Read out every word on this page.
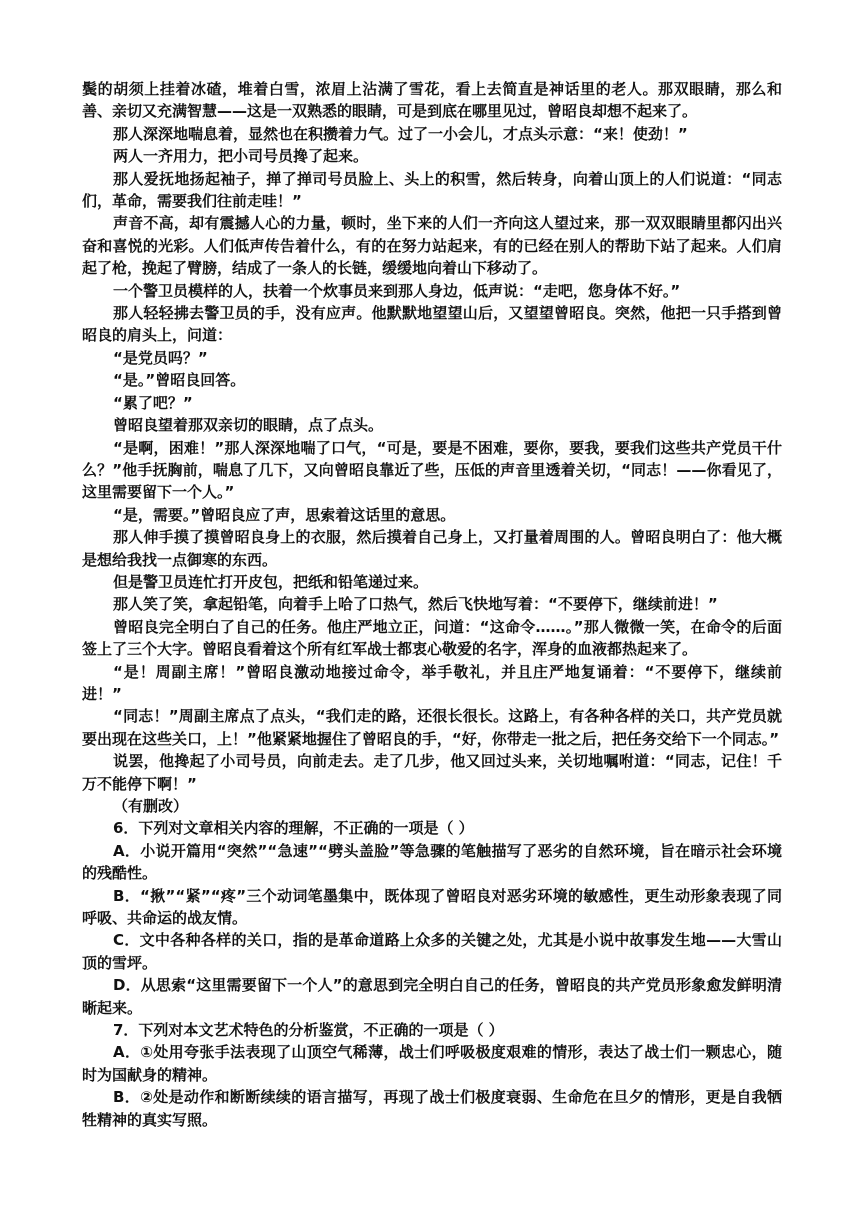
鬓的胡须上挂着冰碴，堆着白雪，浓眉上沾满了雪花，看上去简直是神话里的老人。那双眼睛，那么和善、亲切又充满智慧——这是一双熟悉的眼睛，可是到底在哪里见过，曾昭良却想不起来了。

那人深深地喘息着，显然也在积攒着力气。过了一小会儿，才点头示意：“来！使劲！”

两人一齐用力，把小司号员搀了起来。

那人爱抚地扬起袖子，掸了掸司号员脸上、头上的积雪，然后转身，向着山顶上的人们说道：“同志们，革命，需要我们往前走哇！”

声音不高，却有震撼人心的力量，顿时，坐下来的人们一齐向这人望过来，那一双双眼睛里都闪出兴奋和喜悦的光彩。人们低声传告着什么，有的在努力站起来，有的已经在别人的帮助下站了起来。人们肩起了枪，挽起了臂膀，结成了一条人的长链，缓缓地向着山下移动了。

一个警卫员模样的人，扶着一个炊事员来到那人身边，低声说：“走吧，您身体不好。”

那人轻轻拂去警卫员的手，没有应声。他默默地望望山后，又望望曾昭良。突然，他把一只手搭到曾昭良的肩头上，问道：

“是党员吗？”

“是。”曾昭良回答。

“累了吧？”

曾昭良望着那双亲切的眼睛，点了点头。

“是啊，困难！”那人深深地喘了口气，“可是，要是不困难，要你，要我，要我们这些共产党员干什么？”他手抚胸前，喘息了几下，又向曾昭良靠近了些，压低的声音里透着关切，“同志！——你看见了，这里需要留下一个人。”

“是，需要。”曾昭良应了声，思索着这话里的意思。

那人伸手摸了摸曾昭良身上的衣服，然后摸着自己身上，又打量着周围的人。曾昭良明白了：他大概是想给我找一点御寒的东西。

但是警卫员连忙打开皮包，把纸和铅笔递过来。

那人笑了笑，拿起铅笔，向着手上哈了口热气，然后飞快地写着：“不要停下，继续前进！”

曾昭良完全明白了自己的任务。他庄严地立正，问道：“这命令……。”那人微微一笑，在命令的后面签上了三个大字。曾昭良看着这个所有红军战士都衷心敬爱的名字，浑身的血液都热起来了。

“是！周副主席！”曾昭良激动地接过命令，举手敬礼，并且庄严地复诵着：“不要停下，继续前进！”

“同志！”周副主席点了点头，“我们走的路，还很长很长。这路上，有各种各样的关口，共产党员就要出现在这些关口，上！”他紧紧地握住了曾昭良的手，“好，你带走一批之后，把任务交给下一个同志。”

说罢，他搀起了小司号员，向前走去。走了几步，他又回过头来，关切地嘱咐道：“同志，记住！千万不能停下啊！”

（有删改）

6．下列对文章相关内容的理解，不正确的一项是（ ）

A．小说开篇用“突然”“急速”“劈头盖脸”等急骤的笔触描写了恶劣的自然环境，旨在暗示社会环境的残酷性。

B．“揪”“紧”“疼”三个动词笔墨集中，既体现了曾昭良对恶劣环境的敏感性，更生动形象表现了同呼吸、共命运的战友情。

C．文中各种各样的关口，指的是革命道路上众多的关键之处，尤其是小说中故事发生地——大雪山顶的雪坪。

D．从思索“这里需要留下一个人”的意思到完全明白自己的任务，曾昭良的共产党员形象愈发鲜明清晰起来。

7．下列对本文艺术特色的分析鉴赏，不正确的一项是（ ）

A．①处用夸张手法表现了山顶空气稀薄，战士们呼吸极度艰难的情形，表达了战士们一颗忠心，随时为国献身的精神。

B．②处是动作和断断续续的语言描写，再现了战士们极度衰弱、生命危在旦夕的情形，更是自我牺牲精神的真实写照。
